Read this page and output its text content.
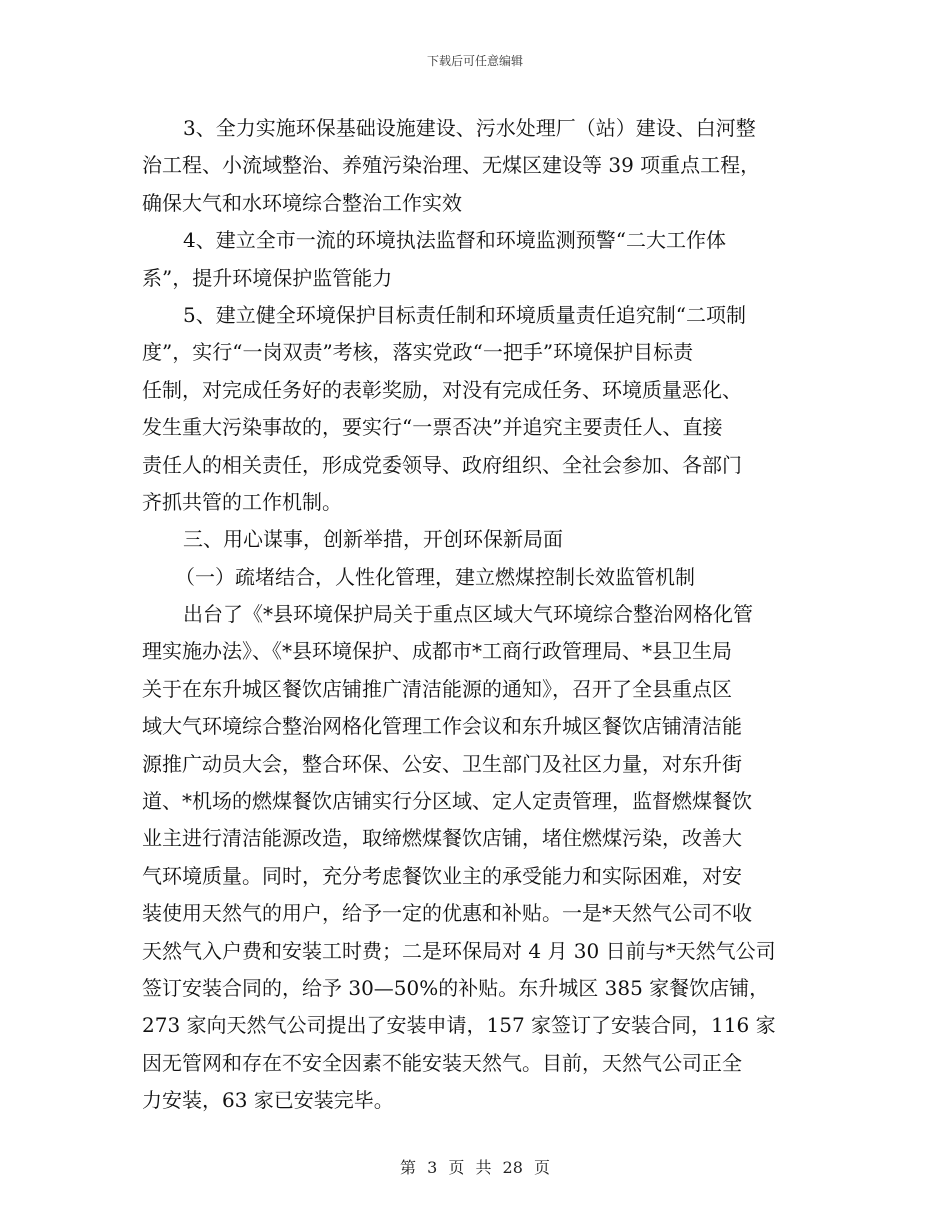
下载后可任意编辑
3、全力实施环保基础设施建设、污水处理厂（站）建设、白河整
治工程、小流域整治、养殖污染治理、无煤区建设等 39 项重点工程，
确保大气和水环境综合整治工作实效
4、建立全市一流的环境执法监督和环境监测预警“二大工作体
系”，提升环境保护监管能力
5、建立健全环境保护目标责任制和环境质量责任追究制“二项制
度”，实行“一岗双责”考核，落实党政“一把手”环境保护目标责
任制，对完成任务好的表彰奖励，对没有完成任务、环境质量恶化、
发生重大污染事故的，要实行“一票否决”并追究主要责任人、直接
责任人的相关责任，形成党委领导、政府组织、全社会参加、各部门
齐抓共管的工作机制。
三、用心谋事，创新举措，开创环保新局面
（一）疏堵结合，人性化管理，建立燃煤控制长效监管机制
出台了《*县环境保护局关于重点区域大气环境综合整治网格化管
理实施办法》、《*县环境保护、成都市*工商行政管理局、*县卫生局
关于在东升城区餐饮店铺推广清洁能源的通知》，召开了全县重点区
域大气环境综合整治网格化管理工作会议和东升城区餐饮店铺清洁能
源推广动员大会，整合环保、公安、卫生部门及社区力量，对东升街
道、*机场的燃煤餐饮店铺实行分区域、定人定责管理，监督燃煤餐饮
业主进行清洁能源改造，取缔燃煤餐饮店铺，堵住燃煤污染，改善大
气环境质量。同时，充分考虑餐饮业主的承受能力和实际困难，对安
装使用天然气的用户，给予一定的优惠和补贴。一是*天然气公司不收
天然气入户费和安装工时费；二是环保局对 4 月 30 日前与*天然气公司
签订安装合同的，给予 30—50%的补贴。东升城区 385 家餐饮店铺，
273 家向天然气公司提出了安装申请，157 家签订了安装合同，116 家
因无管网和存在不安全因素不能安装天然气。目前，天然气公司正全
力安装，63 家已安装完毕。
第 3 页 共 28 页
